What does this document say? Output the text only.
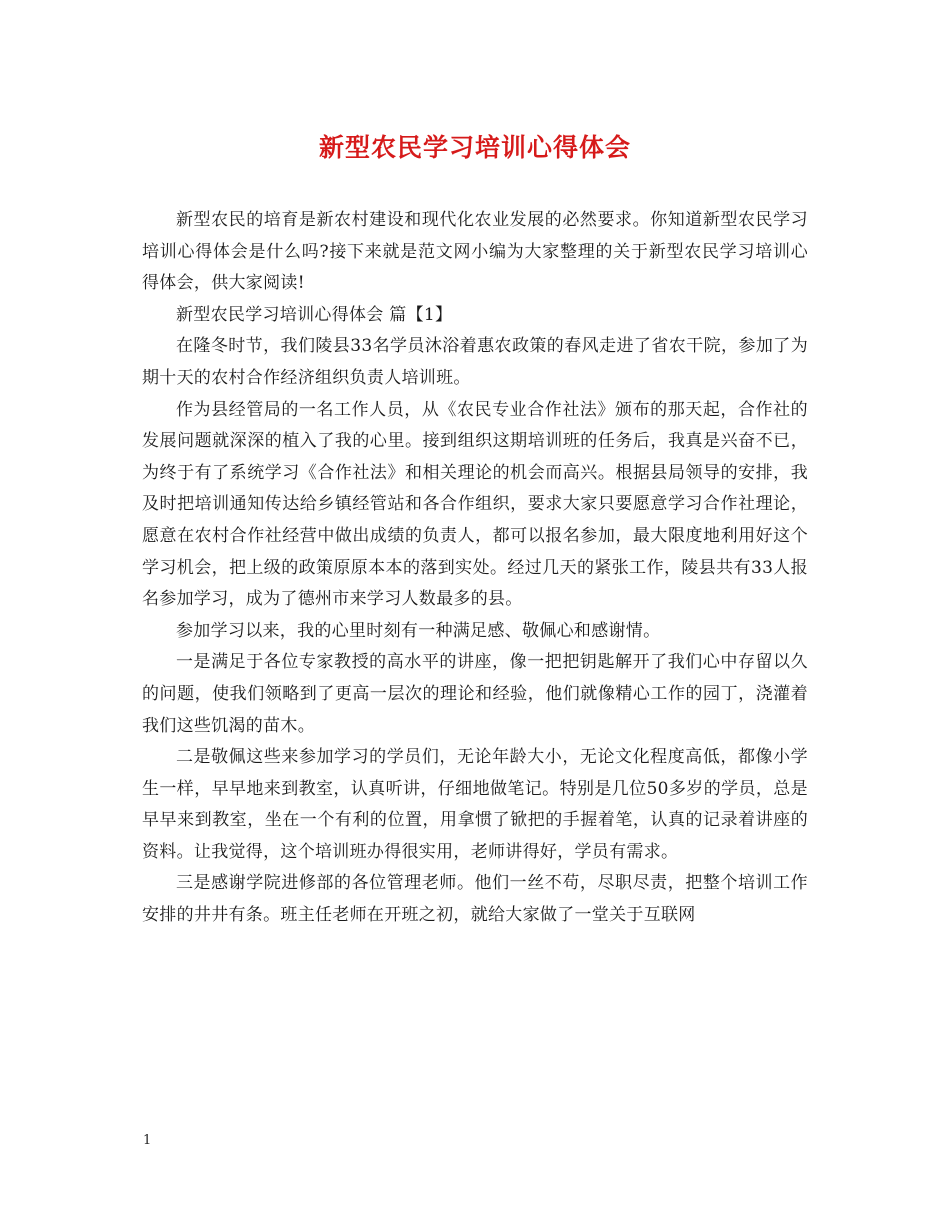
新型农民学习培训心得体会

新型农民的培育是新农村建设和现代化农业发展的必然要求。你知道新型农民学习培训心得体会是什么吗?接下来就是范文网小编为大家整理的关于新型农民学习培训心得体会，供大家阅读!

新型农民学习培训心得体会 篇【1】

在隆冬时节，我们陵县33名学员沐浴着惠农政策的春风走进了省农干院，参加了为期十天的农村合作经济组织负责人培训班。

作为县经管局的一名工作人员，从《农民专业合作社法》颁布的那天起，合作社的发展问题就深深的植入了我的心里。接到组织这期培训班的任务后，我真是兴奋不已，为终于有了系统学习《合作社法》和相关理论的机会而高兴。根据县局领导的安排，我及时把培训通知传达给乡镇经管站和各合作组织，要求大家只要愿意学习合作社理论，愿意在农村合作社经营中做出成绩的负责人，都可以报名参加，最大限度地利用好这个学习机会，把上级的政策原原本本的落到实处。经过几天的紧张工作，陵县共有33人报名参加学习，成为了德州市来学习人数最多的县。

参加学习以来，我的心里时刻有一种满足感、敬佩心和感谢情。

一是满足于各位专家教授的高水平的讲座，像一把把钥匙解开了我们心中存留以久的问题，使我们领略到了更高一层次的理论和经验，他们就像精心工作的园丁，浇灌着我们这些饥渴的苗木。

二是敬佩这些来参加学习的学员们，无论年龄大小，无论文化程度高低，都像小学生一样，早早地来到教室，认真听讲，仔细地做笔记。特别是几位50多岁的学员，总是早早来到教室，坐在一个有利的位置，用拿惯了锨把的手握着笔，认真的记录着讲座的资料。让我觉得，这个培训班办得很实用，老师讲得好，学员有需求。

三是感谢学院进修部的各位管理老师。他们一丝不苟，尽职尽责，把整个培训工作安排的井井有条。班主任老师在开班之初，就给大家做了一堂关于互联网

1
